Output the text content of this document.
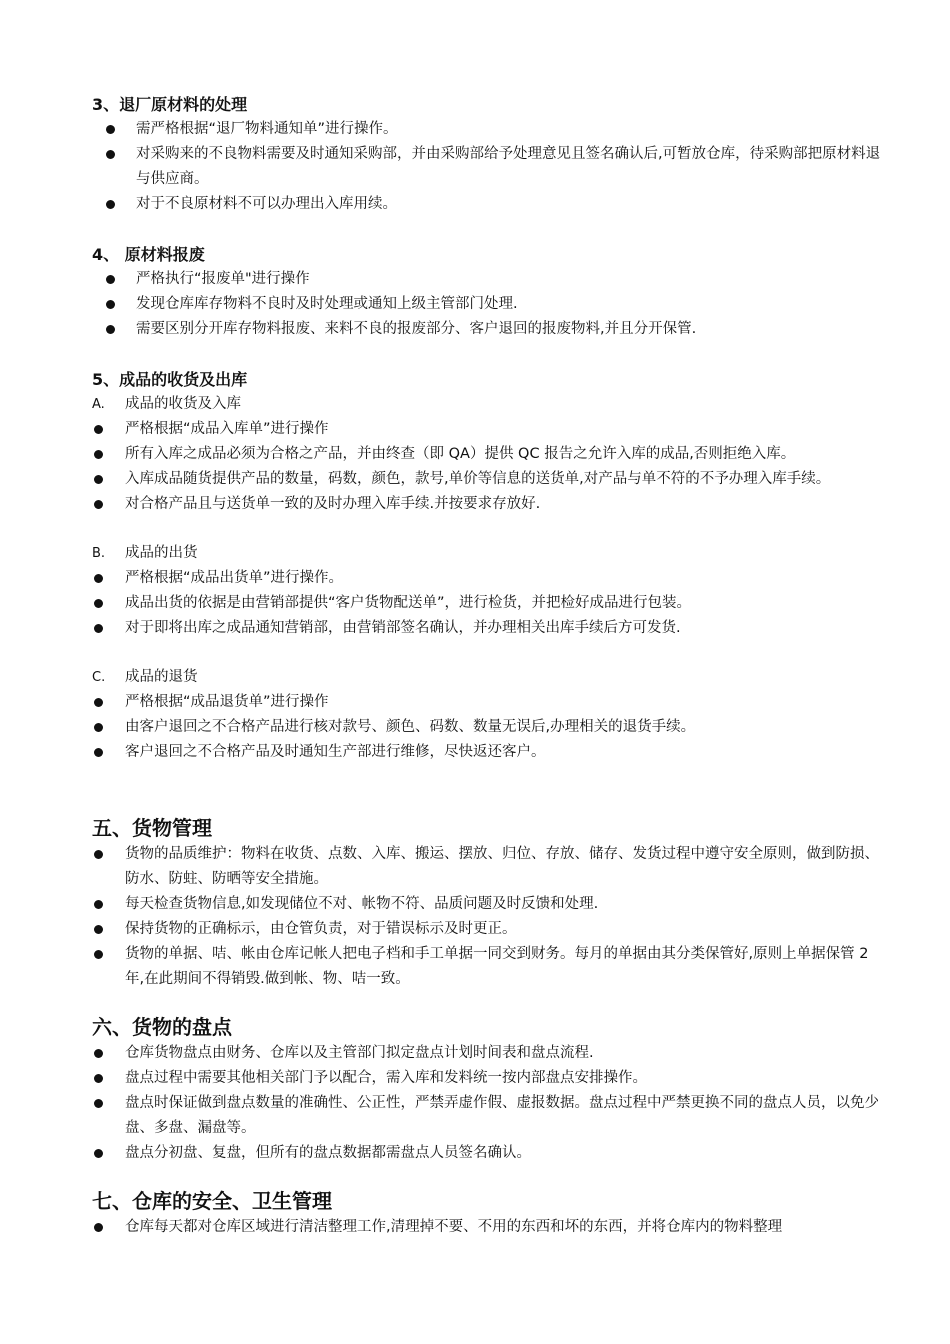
3、退厂原材料的处理
需严格根据“退厂物料通知单”进行操作。
对采购来的不良物料需要及时通知采购部，并由采购部给予处理意见且签名确认后,可暂放仓库，待采购部把原材料退与供应商。
对于不良原材料不可以办理出入库用续。
4、 原材料报废
严格执行“报废单"进行操作
发现仓库库存物料不良时及时处理或通知上级主管部门处理.
需要区别分开库存物料报废、来料不良的报废部分、客户退回的报废物料,并且分开保管.
5、成品的收货及出库
A. 成品的收货及入库
严格根据“成品入库单”进行操作
所有入库之成品必须为合格之产品，并由终查（即 QA）提供 QC 报告之允许入库的成品,否则拒绝入库。
入库成品随货提供产品的数量，码数，颜色，款号,单价等信息的送货单,对产品与单不符的不予办理入库手续。
对合格产品且与送货单一致的及时办理入库手续.并按要求存放好.
B. 成品的出货
严格根据“成品出货单”进行操作。
成品出货的依据是由营销部提供“客户货物配送单”，进行检货，并把检好成品进行包装。
对于即将出库之成品通知营销部，由营销部签名确认，并办理相关出库手续后方可发货.
C. 成品的退货
严格根据“成品退货单”进行操作
由客户退回之不合格产品进行核对款号、颜色、码数、数量无误后,办理相关的退货手续。
客户退回之不合格产品及时通知生产部进行维修，尽快返还客户。
五、货物管理
货物的品质维护：物料在收货、点数、入库、搬运、摆放、归位、存放、储存、发货过程中遵守安全原则，做到防损、防水、防蛀、防晒等安全措施。
每天检查货物信息,如发现储位不对、帐物不符、品质问题及时反馈和处理.
保持货物的正确标示，由仓管负责，对于错误标示及时更正。
货物的单据、咭、帐由仓库记帐人把电子档和手工单据一同交到财务。每月的单据由其分类保管好,原则上单据保管 2 年,在此期间不得销毁.做到帐、物、咭一致。
六、货物的盘点
仓库货物盘点由财务、仓库以及主管部门拟定盘点计划时间表和盘点流程.
盘点过程中需要其他相关部门予以配合，需入库和发料统一按内部盘点安排操作。
盘点时保证做到盘点数量的准确性、公正性，严禁弄虚作假、虚报数据。盘点过程中严禁更换不同的盘点人员，以免少盘、多盘、漏盘等。
盘点分初盘、复盘，但所有的盘点数据都需盘点人员签名确认。
七、仓库的安全、卫生管理
仓库每天都对仓库区域进行清洁整理工作,清理掉不要、不用的东西和坏的东西，并将仓库内的物料整理
